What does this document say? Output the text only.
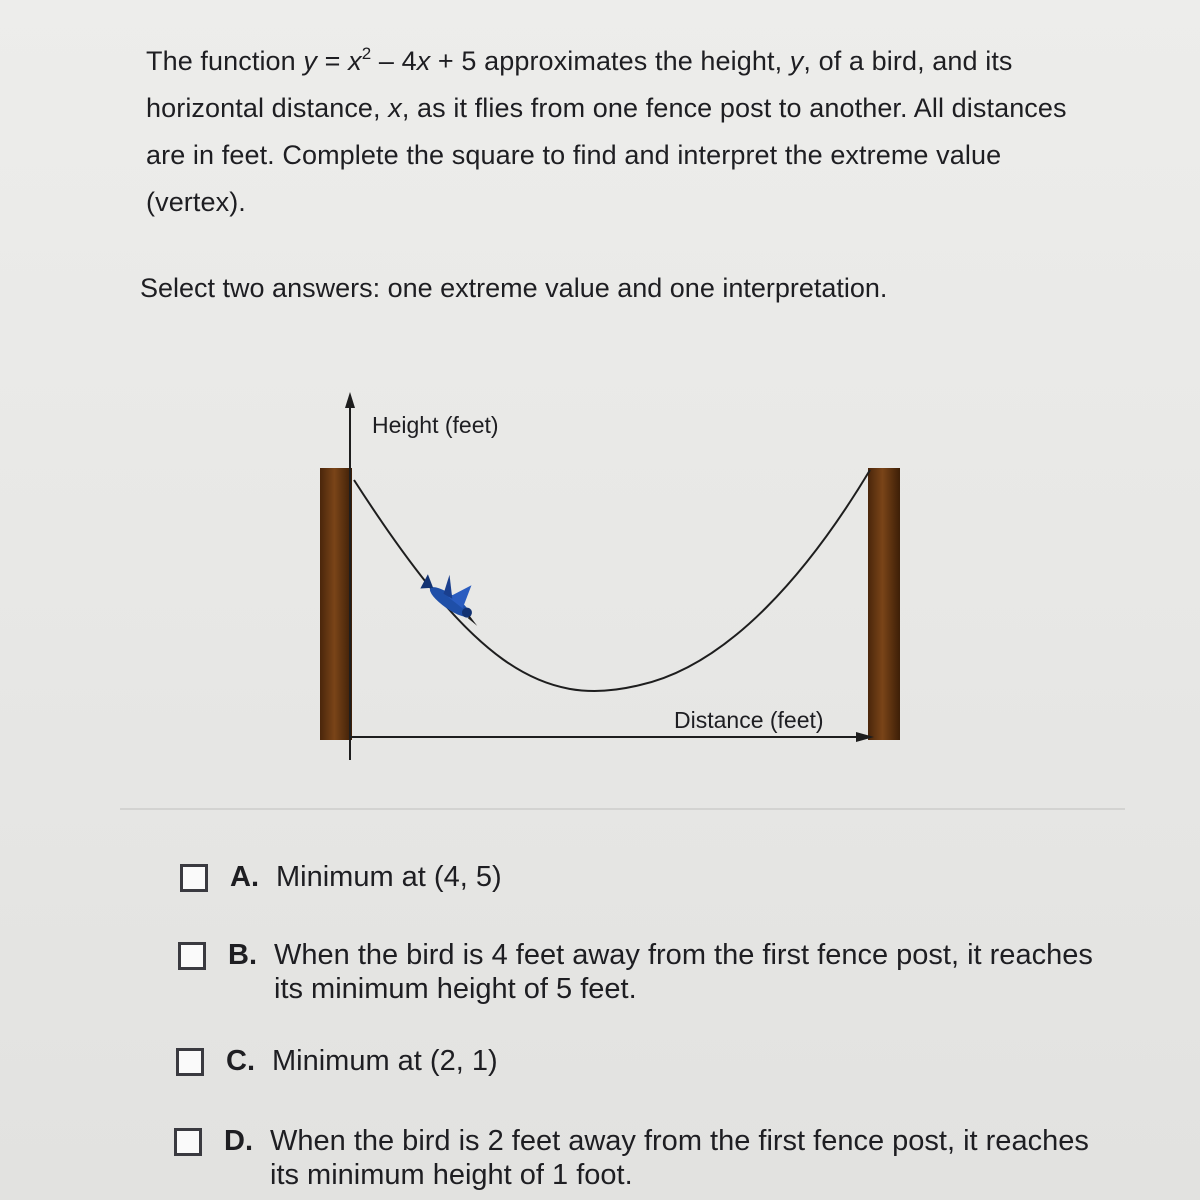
The function $y = x^2 - 4x + 5$ approximates the height, y, of a bird, and its
horizontal distance, x, as it flies from one fence post to another. All distances
are in feet. Complete the square to find and interpret the extreme value
(vertex).
Select two answers: one extreme value and one interpretation.
Height (feet)
Distance (feet)
A. Minimum at (4, 5)
B. When the bird is 4 feet away from the first fence post, it reaches its minimum height of 5 feet.
C. Minimum at (2, 1)
D. When the bird is 2 feet away from the first fence post, it reaches its minimum height of 1 foot.
